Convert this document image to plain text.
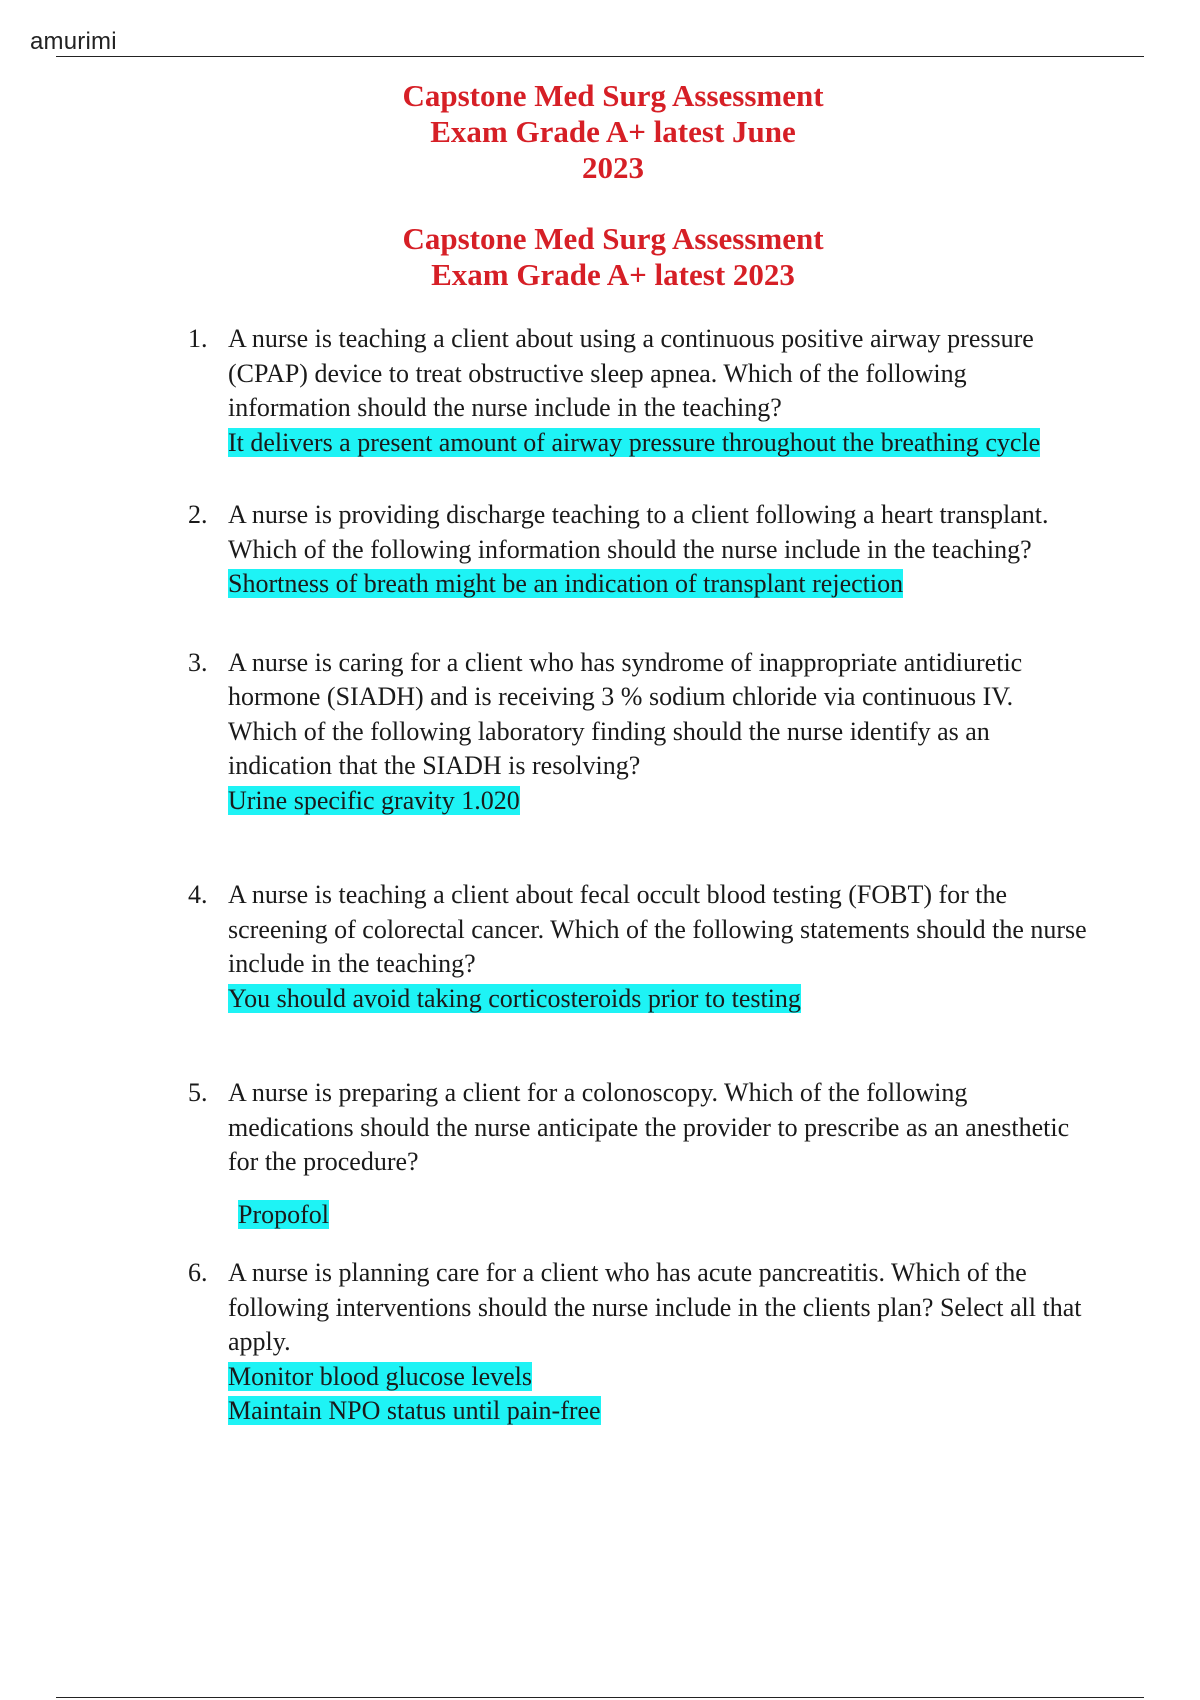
amurimi
Capstone Med Surg Assessment
Exam Grade A+ latest June
2023
Capstone Med Surg Assessment
Exam Grade A+ latest 2023
1. A nurse is teaching a client about using a continuous positive airway pressure (CPAP) device to treat obstructive sleep apnea. Which of the following information should the nurse include in the teaching?
It delivers a present amount of airway pressure throughout the breathing cycle
2. A nurse is providing discharge teaching to a client following a heart transplant. Which of the following information should the nurse include in the teaching?
Shortness of breath might be an indication of transplant rejection
3. A nurse is caring for a client who has syndrome of inappropriate antidiuretic hormone (SIADH) and is receiving 3 % sodium chloride via continuous IV. Which of the following laboratory finding should the nurse identify as an indication that the SIADH is resolving?
Urine specific gravity 1.020
4. A nurse is teaching a client about fecal occult blood testing (FOBT) for the screening of colorectal cancer. Which of the following statements should the nurse include in the teaching?
You should avoid taking corticosteroids prior to testing
5. A nurse is preparing a client for a colonoscopy. Which of the following medications should the nurse anticipate the provider to prescribe as an anesthetic for the procedure?
Propofol
6. A nurse is planning care for a client who has acute pancreatitis. Which of the following interventions should the nurse include in the clients plan? Select all that apply.
Monitor blood glucose levels
Maintain NPO status until pain-free
